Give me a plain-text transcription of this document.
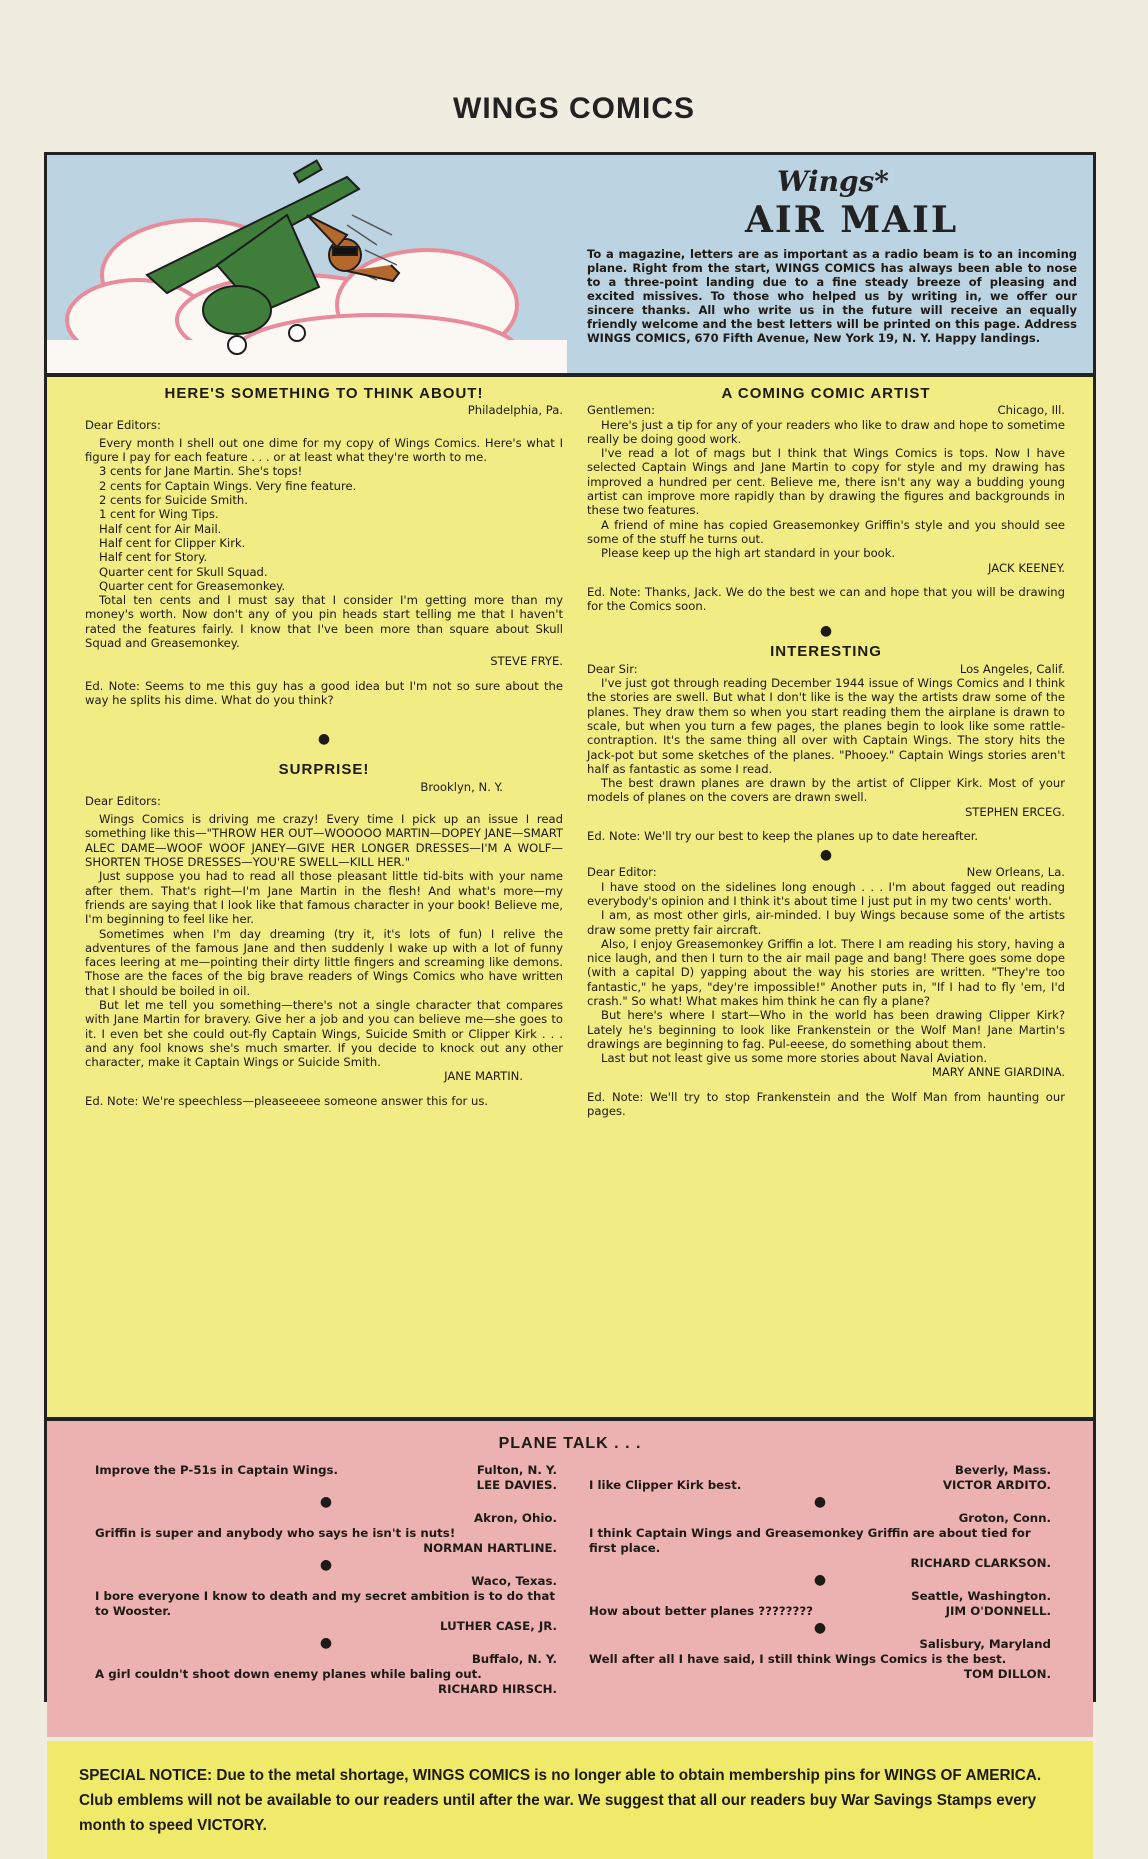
WINGS COMICS
Wings*
AIR MAIL
To a magazine, letters are as important as a radio beam is to an incoming plane. Right from the start, WINGS COMICS has always been able to nose to a three-point landing due to a fine steady breeze of pleasing and excited missives. To those who helped us by writing in, we offer our sincere thanks. All who write us in the future will receive an equally friendly welcome and the best letters will be printed on this page. Address WINGS COMICS, 670 Fifth Avenue, New York 19, N. Y. Happy landings.
HERE'S SOMETHING TO THINK ABOUT!

Philadelphia, Pa.

Dear Editors:

Every month I shell out one dime for my copy of Wings Comics. Here's what I figure I pay for each feature . . . or at least what they're worth to me.

3 cents for Jane Martin. She's tops!

2 cents for Captain Wings. Very fine feature.

2 cents for Suicide Smith.

1 cent for Wing Tips.

Half cent for Air Mail.

Half cent for Clipper Kirk.

Half cent for Story.

Quarter cent for Skull Squad.

Quarter cent for Greasemonkey.

Total ten cents and I must say that I consider I'm getting more than my money's worth. Now don't any of you pin heads start telling me that I haven't rated the features fairly. I know that I've been more than square about Skull Squad and Greasemonkey.

STEVE FRYE.

Ed. Note: Seems to me this guy has a good idea but I'm not so sure about the way he splits his dime. What do you think?

●
SURPRISE!

Brooklyn, N. Y.

Dear Editors:

Wings Comics is driving me crazy! Every time I pick up an issue I read something like this—"THROW HER OUT—WOOOOO MARTIN—DOPEY JANE—SMART ALEC DAME—WOOF WOOF JANEY—GIVE HER LONGER DRESSES—I'M A WOLF—SHORTEN THOSE DRESSES—YOU'RE SWELL—KILL HER."

Just suppose you had to read all those pleasant little tid-bits with your name after them. That's right—I'm Jane Martin in the flesh! And what's more—my friends are saying that I look like that famous character in your book! Believe me, I'm beginning to feel like her.

Sometimes when I'm day dreaming (try it, it's lots of fun) I relive the adventures of the famous Jane and then suddenly I wake up with a lot of funny faces leering at me—pointing their dirty little fingers and screaming like demons. Those are the faces of the big brave readers of Wings Comics who have written that I should be boiled in oil.

But let me tell you something—there's not a single character that compares with Jane Martin for bravery. Give her a job and you can believe me—she goes to it. I even bet she could out-fly Captain Wings, Suicide Smith or Clipper Kirk . . . and any fool knows she's much smarter. If you decide to knock out any other character, make it Captain Wings or Suicide Smith.

JANE MARTIN.

Ed. Note: We're speechless—pleaseeeee someone answer this for us.

A COMING COMIC ARTIST
Gentlemen:	Chicago, Ill.

Here's just a tip for any of your readers who like to draw and hope to sometime really be doing good work.

I've read a lot of mags but I think that Wings Comics is tops. Now I have selected Captain Wings and Jane Martin to copy for style and my drawing has improved a hundred per cent. Believe me, there isn't any way a budding young artist can improve more rapidly than by drawing the figures and backgrounds in these two features.

A friend of mine has copied Greasemonkey Griffin's style and you should see some of the stuff he turns out.

Please keep up the high art standard in your book.

JACK KEENEY.

Ed. Note: Thanks, Jack. We do the best we can and hope that you will be drawing for the Comics soon.

●
INTERESTING
Dear Sir:	Los Angeles, Calif.

I've just got through reading December 1944 issue of Wings Comics and I think the stories are swell. But what I don't like is the way the artists draw some of the planes. They draw them so when you start reading them the airplane is drawn to scale, but when you turn a few pages, the planes begin to look like some rattle-contraption. It's the same thing all over with Captain Wings. The story hits the Jack-pot but some sketches of the planes. "Phooey." Captain Wings stories aren't half as fantastic as some I read.

The best drawn planes are drawn by the artist of Clipper Kirk. Most of your models of planes on the covers are drawn swell.

STEPHEN ERCEG.

Ed. Note: We'll try our best to keep the planes up to date hereafter.

●
Dear Editor:	New Orleans, La.

I have stood on the sidelines long enough . . . I'm about fagged out reading everybody's opinion and I think it's about time I just put in my two cents' worth.

I am, as most other girls, air-minded. I buy Wings because some of the artists draw some pretty fair aircraft.

Also, I enjoy Greasemonkey Griffin a lot. There I am reading his story, having a nice laugh, and then I turn to the air mail page and bang! There goes some dope (with a capital D) yapping about the way his stories are written. "They're too fantastic," he yaps, "dey're impossible!" Another puts in, "If I had to fly 'em, I'd crash." So what! What makes him think he can fly a plane?

But here's where I start—Who in the world has been drawing Clipper Kirk? Lately he's beginning to look like Frankenstein or the Wolf Man! Jane Martin's drawings are beginning to fag. Pul-eeese, do something about them.

Last but not least give us some more stories about Naval Aviation.

MARY ANNE GIARDINA.

Ed. Note: We'll try to stop Frankenstein and the Wolf Man from haunting our pages.

PLANE TALK . . .
Improve the P-51s in Captain Wings.	Fulton, N. Y.
LEE DAVIES.
●
Akron, Ohio.
Griffin is super and anybody who says he isn't is nuts!
NORMAN HARTLINE.
●
Waco, Texas.
I bore everyone I know to death and my secret ambition is to do that to Wooster.
LUTHER CASE, JR.
●
Buffalo, N. Y.
A girl couldn't shoot down enemy planes while baling out.
RICHARD HIRSCH.
Beverly, Mass.
I like Clipper Kirk best.	VICTOR ARDITO.
●
Groton, Conn.
I think Captain Wings and Greasemonkey Griffin are about tied for first place.
RICHARD CLARKSON.
●
Seattle, Washington.
How about better planes ????????	JIM O'DONNELL.
●
Salisbury, Maryland
Well after all I have said, I still think Wings Comics is the best.
TOM DILLON.
SPECIAL NOTICE: Due to the metal shortage, WINGS COMICS is no longer able to obtain membership pins for WINGS OF AMERICA. Club emblems will not be available to our readers until after the war. We suggest that all our readers buy War Savings Stamps every month to speed VICTORY.
